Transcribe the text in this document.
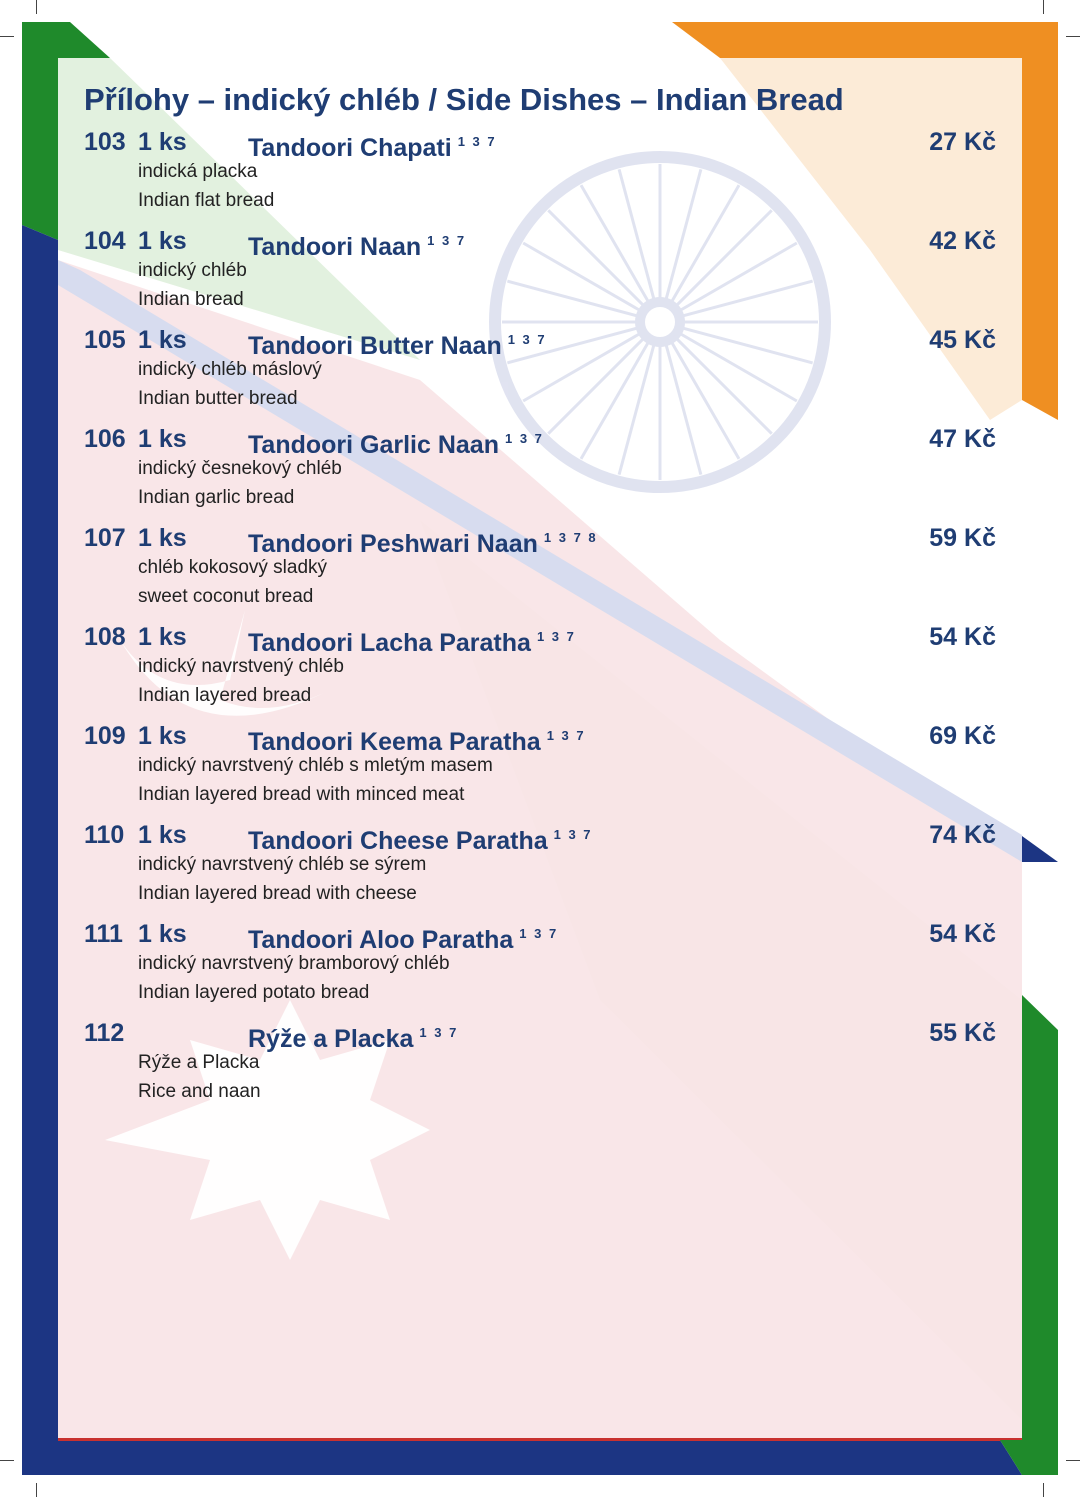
Přílohy – indický chléb / Side Dishes – Indian Bread
103 1 ks Tandoori Chapati $^{1 3 7}$	27 Kč
indická placka
Indian flat bread
104 1 ks Tandoori Naan $^{1 3 7}$	42 Kč
indický chléb
Indian bread
105 1 ks Tandoori Butter Naan $^{1 3 7}$	45 Kč
indický chléb máslový
Indian butter bread
106 1 ks Tandoori Garlic Naan $^{1 3 7}$	47 Kč
indický česnekový chléb
Indian garlic bread
107 1 ks Tandoori Peshwari Naan $^{1 3 7 8}$	59 Kč
chléb kokosový sladký
sweet coconut bread
108 1 ks Tandoori Lacha Paratha $^{1 3 7}$	54 Kč
indický navrstvený chléb
Indian layered bread
109 1 ks Tandoori Keema Paratha $^{1 3 7}$	69 Kč
indický navrstvený chléb s mletým masem
Indian layered bread with minced meat
110 1 ks Tandoori Cheese Paratha $^{1 3 7}$	74 Kč
indický navrstvený chléb se sýrem
Indian layered bread with cheese
111 1 ks Tandoori Aloo Paratha $^{1 3 7}$	54 Kč
indický navrstvený bramborový chléb
Indian layered potato bread
112	Rýže a Placka $^{1 3 7}$	55 Kč
Rýže a Placka
Rice and naan
